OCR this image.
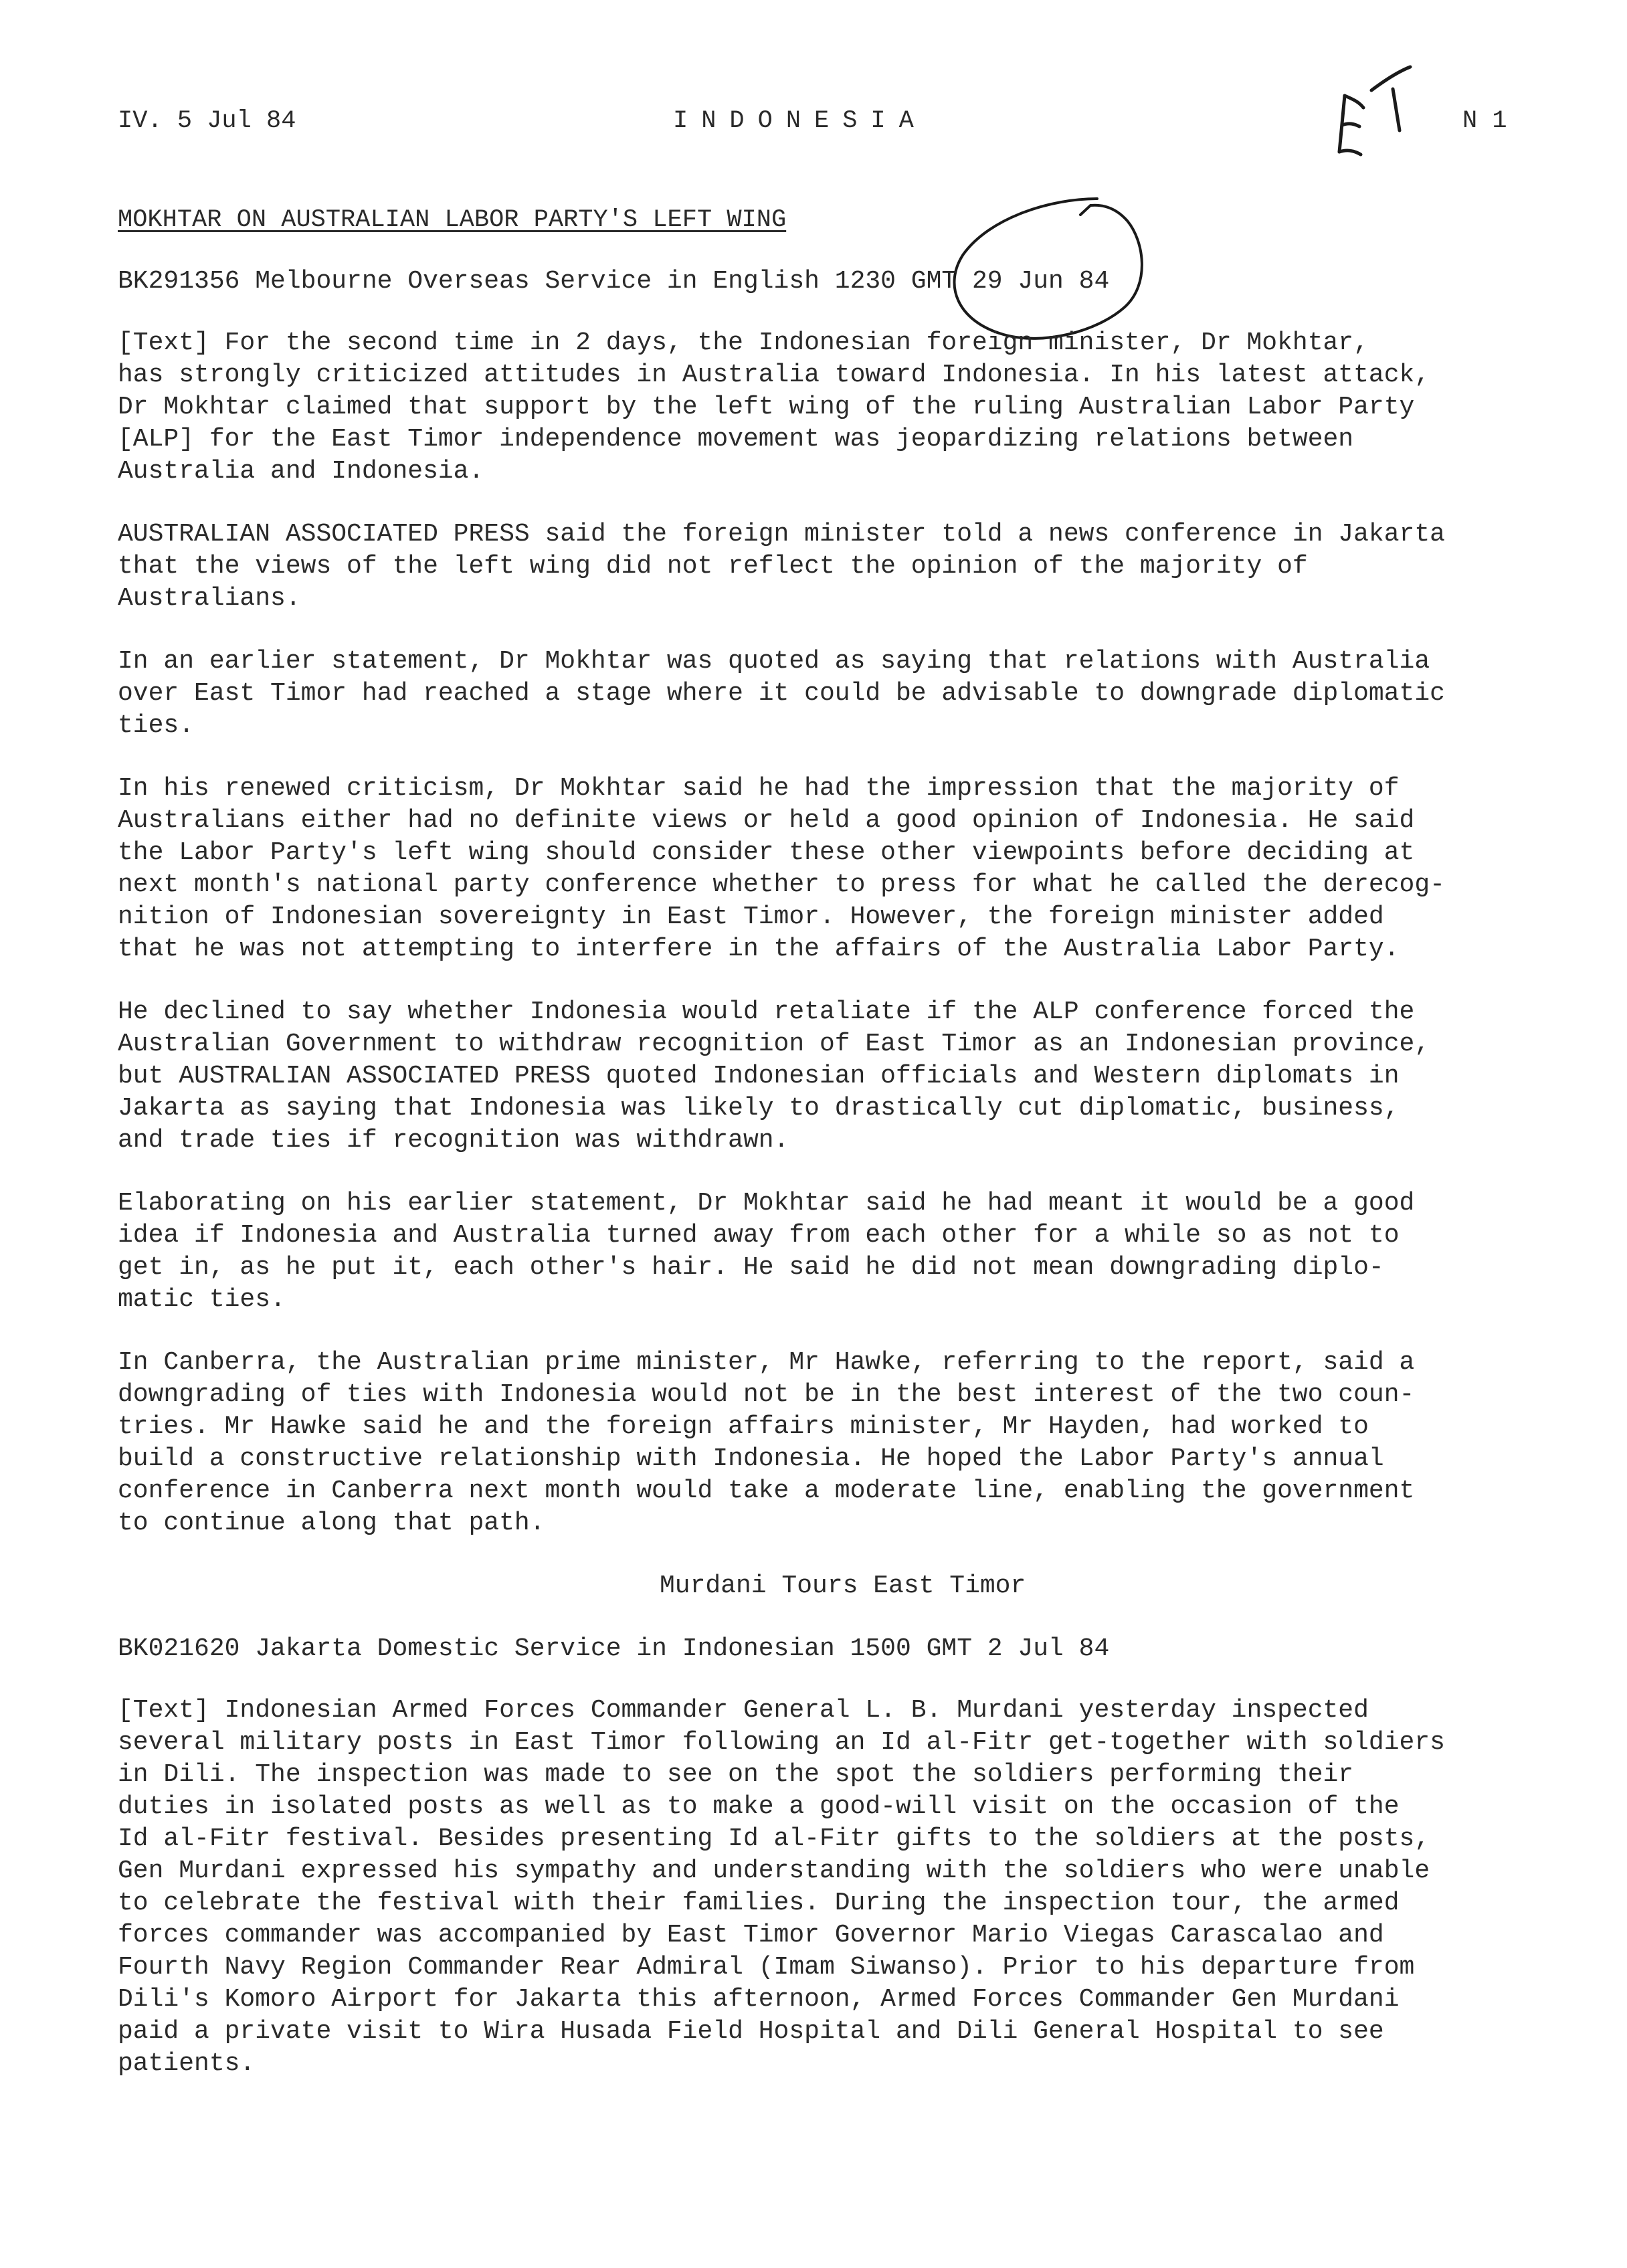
IV. 5 Jul 84	INDONESIA	N 1
MOKHTAR ON AUSTRALIAN LABOR PARTY'S LEFT WING
BK291356 Melbourne Overseas Service in English 1230 GMT 29 Jun 84
[Text] For the second time in 2 days, the Indonesian foreign minister, Dr Mokhtar,
has strongly criticized attitudes in Australia toward Indonesia. In his latest attack,
Dr Mokhtar claimed that support by the left wing of the ruling Australian Labor Party
[ALP] for the East Timor independence movement was jeopardizing relations between
Australia and Indonesia.
AUSTRALIAN ASSOCIATED PRESS said the foreign minister told a news conference in Jakarta
that the views of the left wing did not reflect the opinion of the majority of
Australians.
In an earlier statement, Dr Mokhtar was quoted as saying that relations with Australia
over East Timor had reached a stage where it could be advisable to downgrade diplomatic
ties.
In his renewed criticism, Dr Mokhtar said he had the impression that the majority of
Australians either had no definite views or held a good opinion of Indonesia. He said
the Labor Party's left wing should consider these other viewpoints before deciding at
next month's national party conference whether to press for what he called the derecog-
nition of Indonesian sovereignty in East Timor. However, the foreign minister added
that he was not attempting to interfere in the affairs of the Australia Labor Party.
He declined to say whether Indonesia would retaliate if the ALP conference forced the
Australian Government to withdraw recognition of East Timor as an Indonesian province,
but AUSTRALIAN ASSOCIATED PRESS quoted Indonesian officials and Western diplomats in
Jakarta as saying that Indonesia was likely to drastically cut diplomatic, business,
and trade ties if recognition was withdrawn.
Elaborating on his earlier statement, Dr Mokhtar said he had meant it would be a good
idea if Indonesia and Australia turned away from each other for a while so as not to
get in, as he put it, each other's hair. He said he did not mean downgrading diplo-
matic ties.
In Canberra, the Australian prime minister, Mr Hawke, referring to the report, said a
downgrading of ties with Indonesia would not be in the best interest of the two coun-
tries. Mr Hawke said he and the foreign affairs minister, Mr Hayden, had worked to
build a constructive relationship with Indonesia. He hoped the Labor Party's annual
conference in Canberra next month would take a moderate line, enabling the government
to continue along that path.
Murdani Tours East Timor
BK021620 Jakarta Domestic Service in Indonesian 1500 GMT 2 Jul 84
[Text] Indonesian Armed Forces Commander General L. B. Murdani yesterday inspected
several military posts in East Timor following an Id al-Fitr get-together with soldiers
in Dili. The inspection was made to see on the spot the soldiers performing their
duties in isolated posts as well as to make a good-will visit on the occasion of the
Id al-Fitr festival. Besides presenting Id al-Fitr gifts to the soldiers at the posts,
Gen Murdani expressed his sympathy and understanding with the soldiers who were unable
to celebrate the festival with their families. During the inspection tour, the armed
forces commander was accompanied by East Timor Governor Mario Viegas Carascalao and
Fourth Navy Region Commander Rear Admiral (Imam Siwanso). Prior to his departure from
Dili's Komoro Airport for Jakarta this afternoon, Armed Forces Commander Gen Murdani
paid a private visit to Wira Husada Field Hospital and Dili General Hospital to see
patients.
